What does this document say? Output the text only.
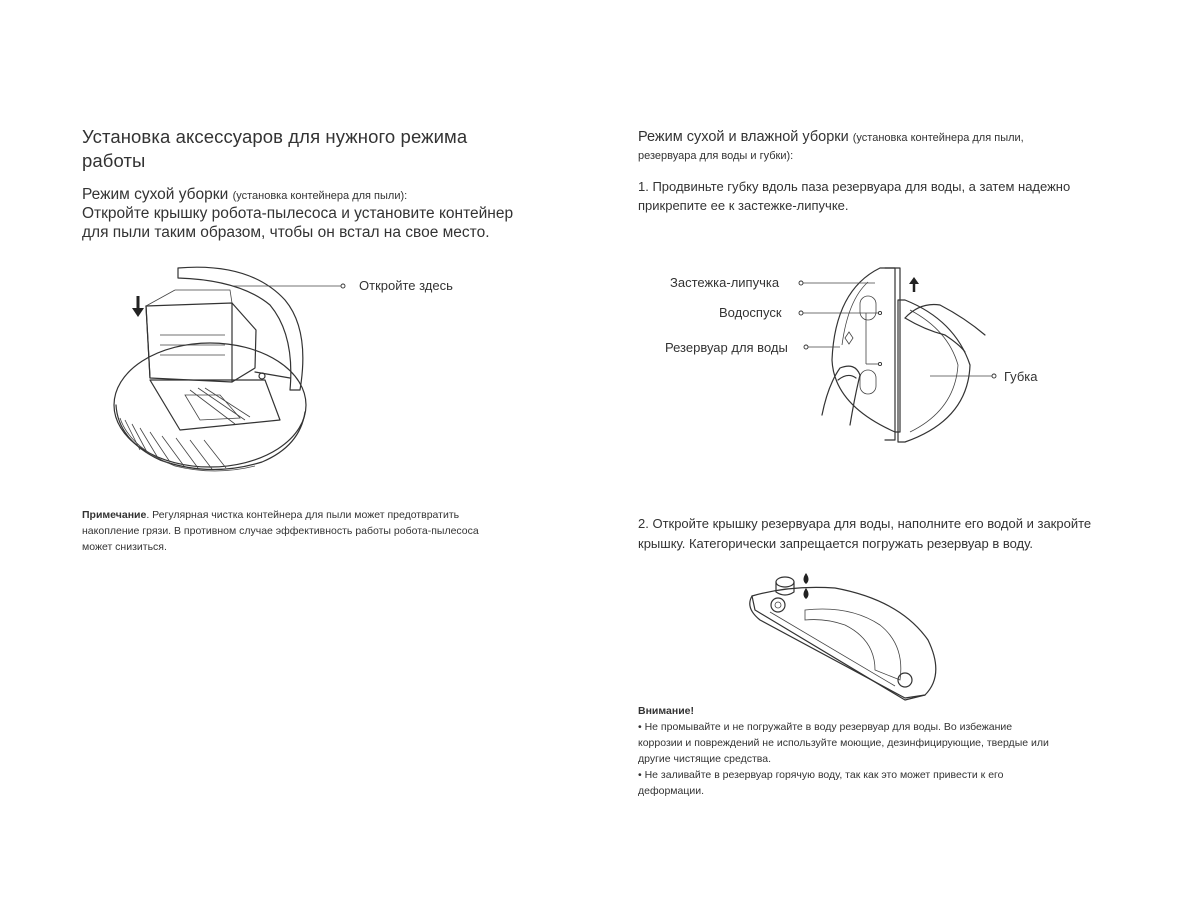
Установка аксессуаров для нужного режима
работы
Режим сухой уборки (установка контейнера для пыли):
Откройте крышку робота-пылесоса и установите контейнер
для пыли таким образом, чтобы он встал на свое место.
Откройте здесь
Примечание. Регулярная чистка контейнера для пыли может предотвратить
накопление грязи. В противном случае эффективность работы робота-пылесоса
может снизиться.
Режим сухой и влажной уборки (установка контейнера для пыли,
резервуара для воды и губки):
1. Продвиньте губку вдоль паза резервуара для воды, а затем надежно
прикрепите ее к застежке-липучке.
Застежка-липучка
Водоспуск
Резервуар для воды
Губка
2. Откройте крышку резервуара для воды, наполните его водой и закройте
крышку. Категорически запрещается погружать резервуар в воду.
Внимание!
• Не промывайте и не погружайте в воду резервуар для воды. Во избежание
коррозии и повреждений не используйте моющие, дезинфицирующие, твердые или
другие чистящие средства.
• Не заливайте в резервуар горячую воду, так как это может привести к его
деформации.
